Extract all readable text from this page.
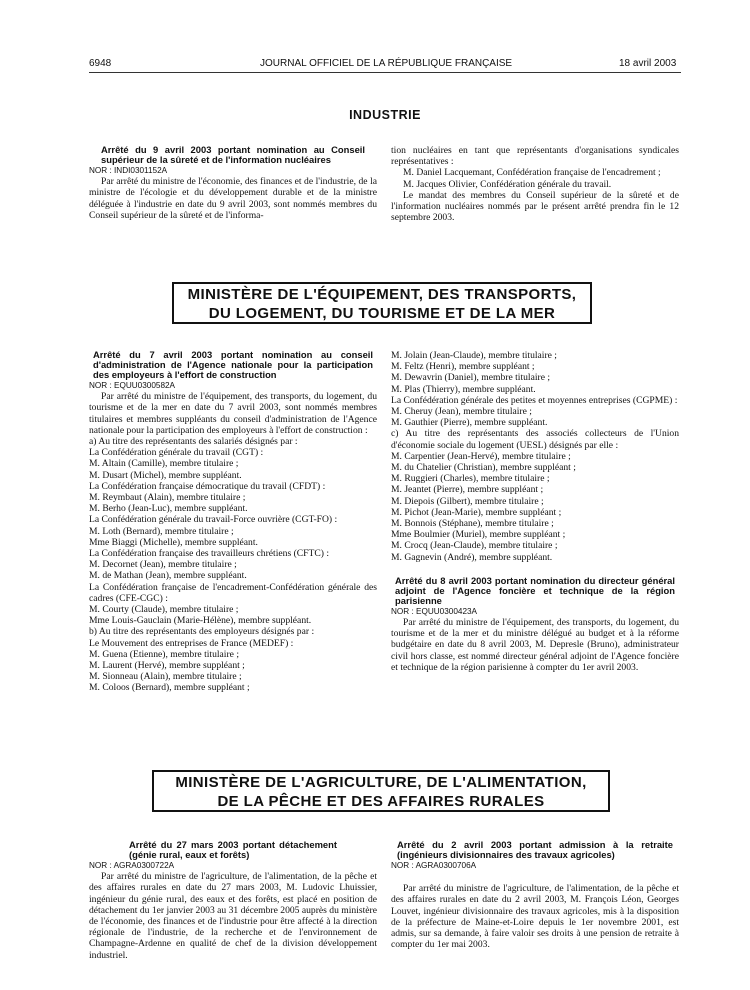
6948	JOURNAL OFFICIEL DE LA RÉPUBLIQUE FRANÇAISE	18 avril 2003
INDUSTRIE

Arrêté du 9 avril 2003 portant nomination au Conseil supérieur de la sûreté et de l'information nucléaires

NOR : INDI0301152A

Par arrêté du ministre de l'économie, des finances et de l'industrie, de la ministre de l'écologie et du développement durable et de la ministre déléguée à l'industrie en date du 9 avril 2003, sont nommés membres du Conseil supérieur de la sûreté et de l'informa-

tion nucléaires en tant que représentants d'organisations syndicales représentatives :

M. Daniel Lacquemant, Confédération française de l'encadrement ;

M. Jacques Olivier, Confédération générale du travail.

Le mandat des membres du Conseil supérieur de la sûreté et de l'information nucléaires nommés par le présent arrêté prendra fin le 12 septembre 2003.

MINISTÈRE DE L'ÉQUIPEMENT, DES TRANSPORTS,
DU LOGEMENT, DU TOURISME ET DE LA MER

Arrêté du 7 avril 2003 portant nomination au conseil d'administration de l'Agence nationale pour la participation des employeurs à l'effort de construction

NOR : EQUU0300582A

Par arrêté du ministre de l'équipement, des transports, du logement, du tourisme et de la mer en date du 7 avril 2003, sont nommés membres titulaires et membres suppléants du conseil d'administration de l'Agence nationale pour la participation des employeurs à l'effort de construction :

a) Au titre des représentants des salariés désignés par :

La Confédération générale du travail (CGT) :

M. Altain (Camille), membre titulaire ;

M. Dusart (Michel), membre suppléant.

La Confédération française démocratique du travail (CFDT) :

M. Reymbaut (Alain), membre titulaire ;

M. Berho (Jean-Luc), membre suppléant.

La Confédération générale du travail-Force ouvrière (CGT-FO) :

M. Loth (Bernard), membre titulaire ;

Mme Biaggi (Michelle), membre suppléant.

La Confédération française des travailleurs chrétiens (CFTC) :

M. Decornet (Jean), membre titulaire ;

M. de Mathan (Jean), membre suppléant.

La Confédération française de l'encadrement-Confédération générale des cadres (CFE-CGC) :

M. Courty (Claude), membre titulaire ;

Mme Louis-Gauclain (Marie-Hélène), membre suppléant.

b) Au titre des représentants des employeurs désignés par :

Le Mouvement des entreprises de France (MEDEF) :

M. Guena (Etienne), membre titulaire ;

M. Laurent (Hervé), membre suppléant ;

M. Sionneau (Alain), membre titulaire ;

M. Coloos (Bernard), membre suppléant ;

M. Jolain (Jean-Claude), membre titulaire ;

M. Feltz (Henri), membre suppléant ;

M. Dewavrin (Daniel), membre titulaire ;

M. Plas (Thierry), membre suppléant.

La Confédération générale des petites et moyennes entreprises (CGPME) :

M. Cheruy (Jean), membre titulaire ;

M. Gauthier (Pierre), membre suppléant.

c) Au titre des représentants des associés collecteurs de l'Union d'économie sociale du logement (UESL) désignés par elle :

M. Carpentier (Jean-Hervé), membre titulaire ;

M. du Chatelier (Christian), membre suppléant ;

M. Ruggieri (Charles), membre titulaire ;

M. Jeantet (Pierre), membre suppléant ;

M. Diepois (Gilbert), membre titulaire ;

M. Pichot (Jean-Marie), membre suppléant ;

M. Bonnois (Stéphane), membre titulaire ;

Mme Boulmier (Muriel), membre suppléant ;

M. Crocq (Jean-Claude), membre titulaire ;

M. Gagnevin (André), membre suppléant.

Arrêté du 8 avril 2003 portant nomination du directeur général adjoint de l'Agence foncière et technique de la région parisienne

NOR : EQUU0300423A

Par arrêté du ministre de l'équipement, des transports, du logement, du tourisme et de la mer et du ministre délégué au budget et à la réforme budgétaire en date du 8 avril 2003, M. Depresle (Bruno), administrateur civil hors classe, est nommé directeur général adjoint de l'Agence foncière et technique de la région parisienne à compter du 1er avril 2003.

MINISTÈRE DE L'AGRICULTURE, DE L'ALIMENTATION,
DE LA PÊCHE ET DES AFFAIRES RURALES

Arrêté du 27 mars 2003 portant détachement (génie rural, eaux et forêts)

NOR : AGRA0300722A

Par arrêté du ministre de l'agriculture, de l'alimentation, de la pêche et des affaires rurales en date du 27 mars 2003, M. Ludovic Lhuissier, ingénieur du génie rural, des eaux et des forêts, est placé en position de détachement du 1er janvier 2003 au 31 décembre 2005 auprès du ministère de l'économie, des finances et de l'industrie pour être affecté à la direction régionale de l'industrie, de la recherche et de l'environnement de Champagne-Ardenne en qualité de chef de la division développement industriel.

Arrêté du 2 avril 2003 portant admission à la retraite (ingénieurs divisionnaires des travaux agricoles)

NOR : AGRA0300706A

Par arrêté du ministre de l'agriculture, de l'alimentation, de la pêche et des affaires rurales en date du 2 avril 2003, M. François Léon, Georges Louvet, ingénieur divisionnaire des travaux agricoles, mis à la disposition de la préfecture de Maine-et-Loire depuis le 1er novembre 2001, est admis, sur sa demande, à faire valoir ses droits à une pension de retraite à compter du 1er mai 2003.
